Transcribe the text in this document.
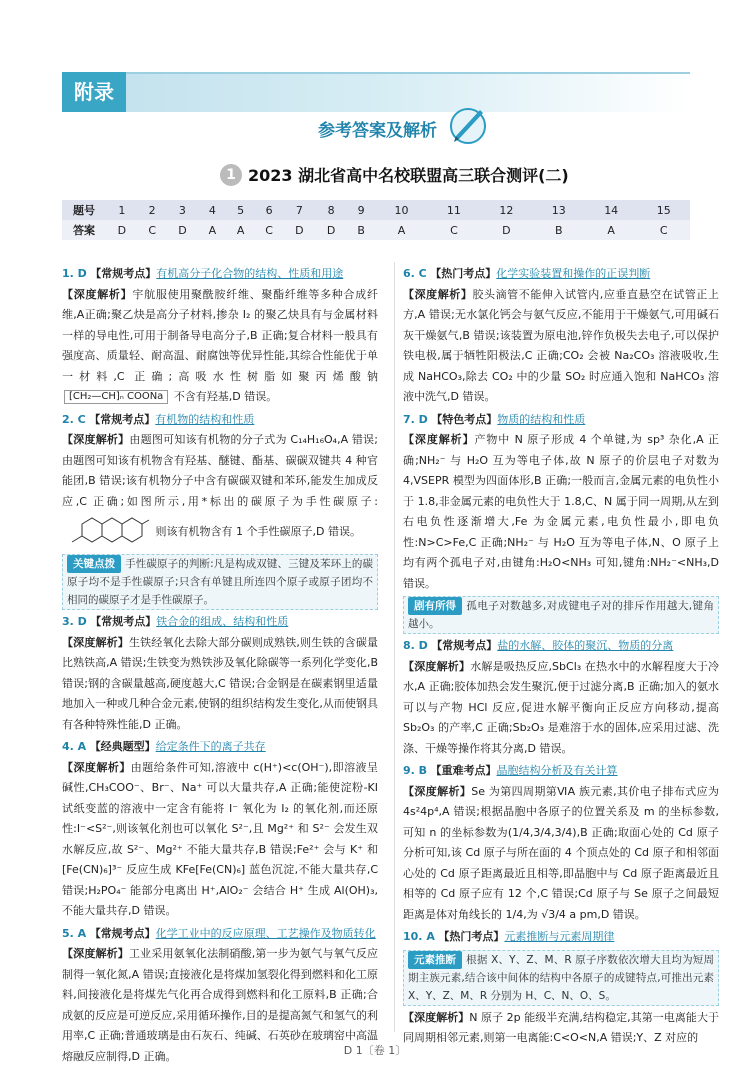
附录
参考答案及解析
1 2023 湖北省高中名校联盟高三联合测评(二)
题号	1	2	3	4	5	6	7	8	9	10	11	12	13	14	15
答案	D	C	D	A	A	C	D	D	B	A	C	D	B	A	C
1. D 【常规考点】有机高分子化合物的结构、性质和用途
【深度解析】宇航服使用聚酰胺纤维、聚酯纤维等多种合成纤维,A正确;聚乙炔是高分子材料,掺杂 I₂ 的聚乙炔具有与金属材料一样的导电性,可用于制备导电高分子,B 正确;复合材料一般具有强度高、质量轻、耐高温、耐腐蚀等优异性能,其综合性能优于单一材料,C 正确;高吸水性树脂如聚丙烯酸钠 [CH₂—CH]ₙ COONa 不含有羟基,D 错误。
2. C 【常规考点】有机物的结构和性质
【深度解析】由题图可知该有机物的分子式为 C₁₄H₁₆O₄,A 错误;由题图可知该有机物含有羟基、醚键、酯基、碳碳双键共 4 种官能团,B 错误;该有机物分子中含有碳碳双键和苯环,能发生加成反应,C 正确;如图所示,用*标出的碳原子为手性碳原子:  则该有机物含有 1 个手性碳原子,D 错误。
关键点拨 手性碳原子的判断:凡是构成双键、三键及苯环上的碳原子均不是手性碳原子;只含有单键且所连四个原子或原子团均不相同的碳原子才是手性碳原子。
3. D 【常规考点】铁合金的组成、结构和性质
【深度解析】生铁经氧化去除大部分碳则成熟铁,则生铁的含碳量比熟铁高,A 错误;生铁变为熟铁涉及氧化除碳等一系列化学变化,B 错误;钢的含碳量越高,硬度越大,C 错误;合金钢是在碳素钢里适量地加入一种或几种合金元素,使钢的组织结构发生变化,从而使钢具有各种特殊性能,D 正确。
4. A 【经典题型】给定条件下的离子共存
【深度解析】由题给条件可知,溶液中 c(H⁺)<c(OH⁻),即溶液呈碱性,CH₃COO⁻、Br⁻、Na⁺ 可以大量共存,A 正确;能使淀粉-KI 试纸变蓝的溶液中一定含有能将 I⁻ 氧化为 I₂ 的氧化剂,而还原性:I⁻<S²⁻,则该氧化剂也可以氧化 S²⁻,且 Mg²⁺ 和 S²⁻ 会发生双水解反应,故 S²⁻、Mg²⁺ 不能大量共存,B 错误;Fe²⁺ 会与 K⁺ 和 [Fe(CN)₆]³⁻ 反应生成 KFe[Fe(CN)₆] 蓝色沉淀,不能大量共存,C 错误;H₂PO₄⁻ 能部分电离出 H⁺,AlO₂⁻ 会结合 H⁺ 生成 Al(OH)₃,不能大量共存,D 错误。
5. A 【常规考点】化学工业中的反应原理、工艺操作及物质转化
【深度解析】工业采用氨氧化法制硝酸,第一步为氨气与氧气反应制得一氧化氮,A 错误;直接液化是将煤加氢裂化得到燃料和化工原料,间接液化是将煤先气化再合成得到燃料和化工原料,B 正确;合成氨的反应是可逆反应,采用循环操作,目的是提高氮气和氢气的利用率,C 正确;普通玻璃是由石灰石、纯碱、石英砂在玻璃窑中高温熔融反应制得,D 正确。
6. C 【热门考点】化学实验装置和操作的正误判断
【深度解析】胶头滴管不能伸入试管内,应垂直悬空在试管正上方,A 错误;无水氯化钙会与氨气反应,不能用于干燥氨气,可用碱石灰干燥氨气,B 错误;该装置为原电池,锌作负极失去电子,可以保护铁电极,属于牺牲阳极法,C 正确;CO₂ 会被 Na₂CO₃ 溶液吸收,生成 NaHCO₃,除去 CO₂ 中的少量 SO₂ 时应通入饱和 NaHCO₃ 溶液中洗气,D 错误。
7. D 【特色考点】物质的结构和性质
【深度解析】产物中 N 原子形成 4 个单键,为 sp³ 杂化,A 正确;NH₂⁻ 与 H₂O 互为等电子体,故 N 原子的价层电子对数为 4,VSEPR 模型为四面体形,B 正确;一般而言,金属元素的电负性小于 1.8,非金属元素的电负性大于 1.8,C、N 属于同一周期,从左到右电负性逐渐增大,Fe 为金属元素,电负性最小,即电负性:N>C>Fe,C 正确;NH₂⁻ 与 H₂O 互为等电子体,N、O 原子上均有两个孤电子对,由键角:H₂O<NH₃ 可知,键角:NH₂⁻<NH₃,D 错误。
剧有所得 孤电子对数越多,对成键电子对的排斥作用越大,键角越小。
8. D 【常规考点】盐的水解、胶体的聚沉、物质的分离
【深度解析】水解是吸热反应,SbCl₃ 在热水中的水解程度大于冷水,A 正确;胶体加热会发生聚沉,便于过滤分离,B 正确;加入的氨水可以与产物 HCl 反应,促进水解平衡向正反应方向移动,提高 Sb₂O₃ 的产率,C 正确;Sb₂O₃ 是难溶于水的固体,应采用过滤、洗涤、干燥等操作将其分离,D 错误。
9. B 【重难考点】晶胞结构分析及有关计算
【深度解析】Se 为第四周期第ⅥA 族元素,其价电子排布式应为 4s²4p⁴,A 错误;根据晶胞中各原子的位置关系及 m 的坐标参数,可知 n 的坐标参数为(1/4,3/4,3/4),B 正确;取面心处的 Cd 原子分析可知,该 Cd 原子与所在面的 4 个顶点处的 Cd 原子和相邻面心处的 Cd 原子距离最近且相等,即晶胞中与 Cd 原子距离最近且相等的 Cd 原子应有 12 个,C 错误;Cd 原子与 Se 原子之间最短距离是体对角线长的 1/4,为 √3/4 a pm,D 错误。
10. A 【热门考点】元素推断与元素周期律
元素推断 根据 X、Y、Z、M、R 原子序数依次增大且均为短周期主族元素,结合该中间体的结构中各原子的成键特点,可推出元素 X、Y、Z、M、R 分别为 H、C、N、O、S。
【深度解析】N 原子 2p 能级半充满,结构稳定,其第一电离能大于同周期相邻元素,则第一电离能:C<O<N,A 错误;Y、Z 对应的
D 1〔卷 1〕
